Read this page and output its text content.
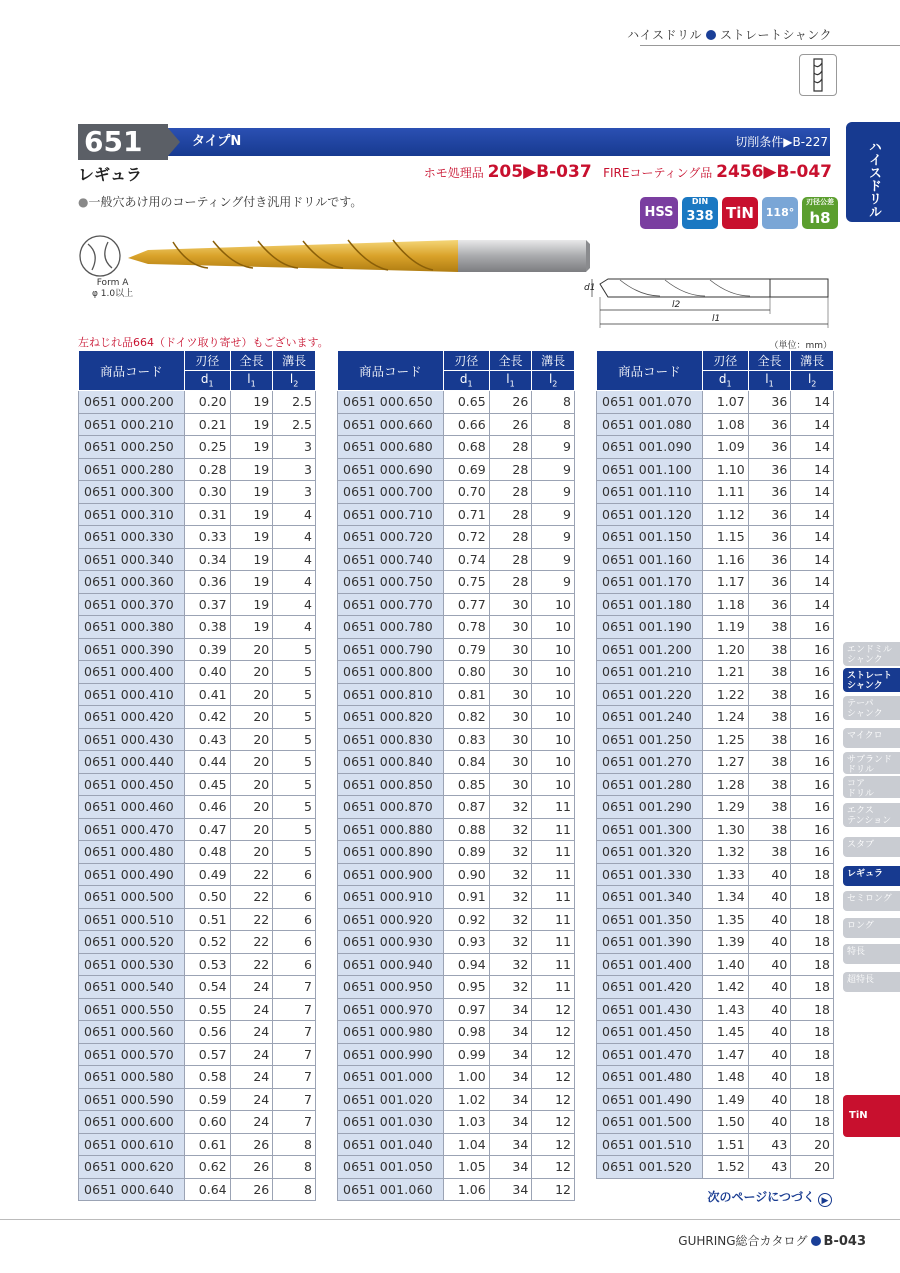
ハイスドリル ストレートシャンク
651	タイプN	切削条件▶B-227
レギュラ	ホモ処理品 205▶B-037 FIREコーティング品 2456▶B-047
●一般穴あけ用のコーティング付き汎用ドリルです。
HSS
DIN
338 TiN	118°
刃径公差
h8	ハイスドリル
Form A
φ 1.0以上
d1
l2
l1
左ねじれ品664（ドイツ取り寄せ）もございます。	（単位：mm）
商品コード	刃径	全長	溝長
	$d_1$	$l_1$	$l_2$
0651 000.200	0.20	19	2.5
0651 000.210	0.21	19	2.5
0651 000.250	0.25	19	3
0651 000.280	0.28	19	3
0651 000.300	0.30	19	3
0651 000.310	0.31	19	4
0651 000.330	0.33	19	4
0651 000.340	0.34	19	4
0651 000.360	0.36	19	4
0651 000.370	0.37	19	4
0651 000.380	0.38	19	4
0651 000.390	0.39	20	5
0651 000.400	0.40	20	5
0651 000.410	0.41	20	5
0651 000.420	0.42	20	5
0651 000.430	0.43	20	5
0651 000.440	0.44	20	5
0651 000.450	0.45	20	5
0651 000.460	0.46	20	5
0651 000.470	0.47	20	5
0651 000.480	0.48	20	5
0651 000.490	0.49	22	6
0651 000.500	0.50	22	6
0651 000.510	0.51	22	6
0651 000.520	0.52	22	6
0651 000.530	0.53	22	6
0651 000.540	0.54	24	7
0651 000.550	0.55	24	7
0651 000.560	0.56	24	7
0651 000.570	0.57	24	7
0651 000.580	0.58	24	7
0651 000.590	0.59	24	7
0651 000.600	0.60	24	7
0651 000.610	0.61	26	8
0651 000.620	0.62	26	8
0651 000.640	0.64	26	8
商品コード	刃径	全長	溝長
	$d_1$	$l_1$	$l_2$
0651 000.650	0.65	26	8
0651 000.660	0.66	26	8
0651 000.680	0.68	28	9
0651 000.690	0.69	28	9
0651 000.700	0.70	28	9
0651 000.710	0.71	28	9
0651 000.720	0.72	28	9
0651 000.740	0.74	28	9
0651 000.750	0.75	28	9
0651 000.770	0.77	30	10
0651 000.780	0.78	30	10
0651 000.790	0.79	30	10
0651 000.800	0.80	30	10
0651 000.810	0.81	30	10
0651 000.820	0.82	30	10
0651 000.830	0.83	30	10
0651 000.840	0.84	30	10
0651 000.850	0.85	30	10
0651 000.870	0.87	32	11
0651 000.880	0.88	32	11
0651 000.890	0.89	32	11
0651 000.900	0.90	32	11
0651 000.910	0.91	32	11
0651 000.920	0.92	32	11
0651 000.930	0.93	32	11
0651 000.940	0.94	32	11
0651 000.950	0.95	32	11
0651 000.970	0.97	34	12
0651 000.980	0.98	34	12
0651 000.990	0.99	34	12
0651 001.000	1.00	34	12
0651 001.020	1.02	34	12
0651 001.030	1.03	34	12
0651 001.040	1.04	34	12
0651 001.050	1.05	34	12
0651 001.060	1.06	34	12
商品コード	刃径	全長	溝長
	$d_1$	$l_1$	$l_2$
0651 001.070	1.07	36	14
0651 001.080	1.08	36	14
0651 001.090	1.09	36	14
0651 001.100	1.10	36	14
0651 001.110	1.11	36	14
0651 001.120	1.12	36	14
0651 001.150	1.15	36	14
0651 001.160	1.16	36	14
0651 001.170	1.17	36	14
0651 001.180	1.18	36	14
0651 001.190	1.19	38	16
0651 001.200	1.20	38	16
0651 001.210	1.21	38	16
0651 001.220	1.22	38	16
0651 001.240	1.24	38	16
0651 001.250	1.25	38	16
0651 001.270	1.27	38	16
0651 001.280	1.28	38	16
0651 001.290	1.29	38	16
0651 001.300	1.30	38	16
0651 001.320	1.32	38	16
0651 001.330	1.33	40	18
0651 001.340	1.34	40	18
0651 001.350	1.35	40	18
0651 001.390	1.39	40	18
0651 001.400	1.40	40	18
0651 001.420	1.42	40	18
0651 001.430	1.43	40	18
0651 001.450	1.45	40	18
0651 001.470	1.47	40	18
0651 001.480	1.48	40	18
0651 001.490	1.49	40	18
0651 001.500	1.50	40	18
0651 001.510	1.51	43	20
0651 001.520	1.52	43	20
エンドミル
シャンク
ストレート
シャンク
テーパ
シャンク
マイクロ
サブランド
ドリル
コア
ドリル
エクス
テンション
スタブ
レギュラ
セミロング
ロング
特長
超特長
TiN
次のページにつづく ▶
GUHRING総合カタログ B-043
